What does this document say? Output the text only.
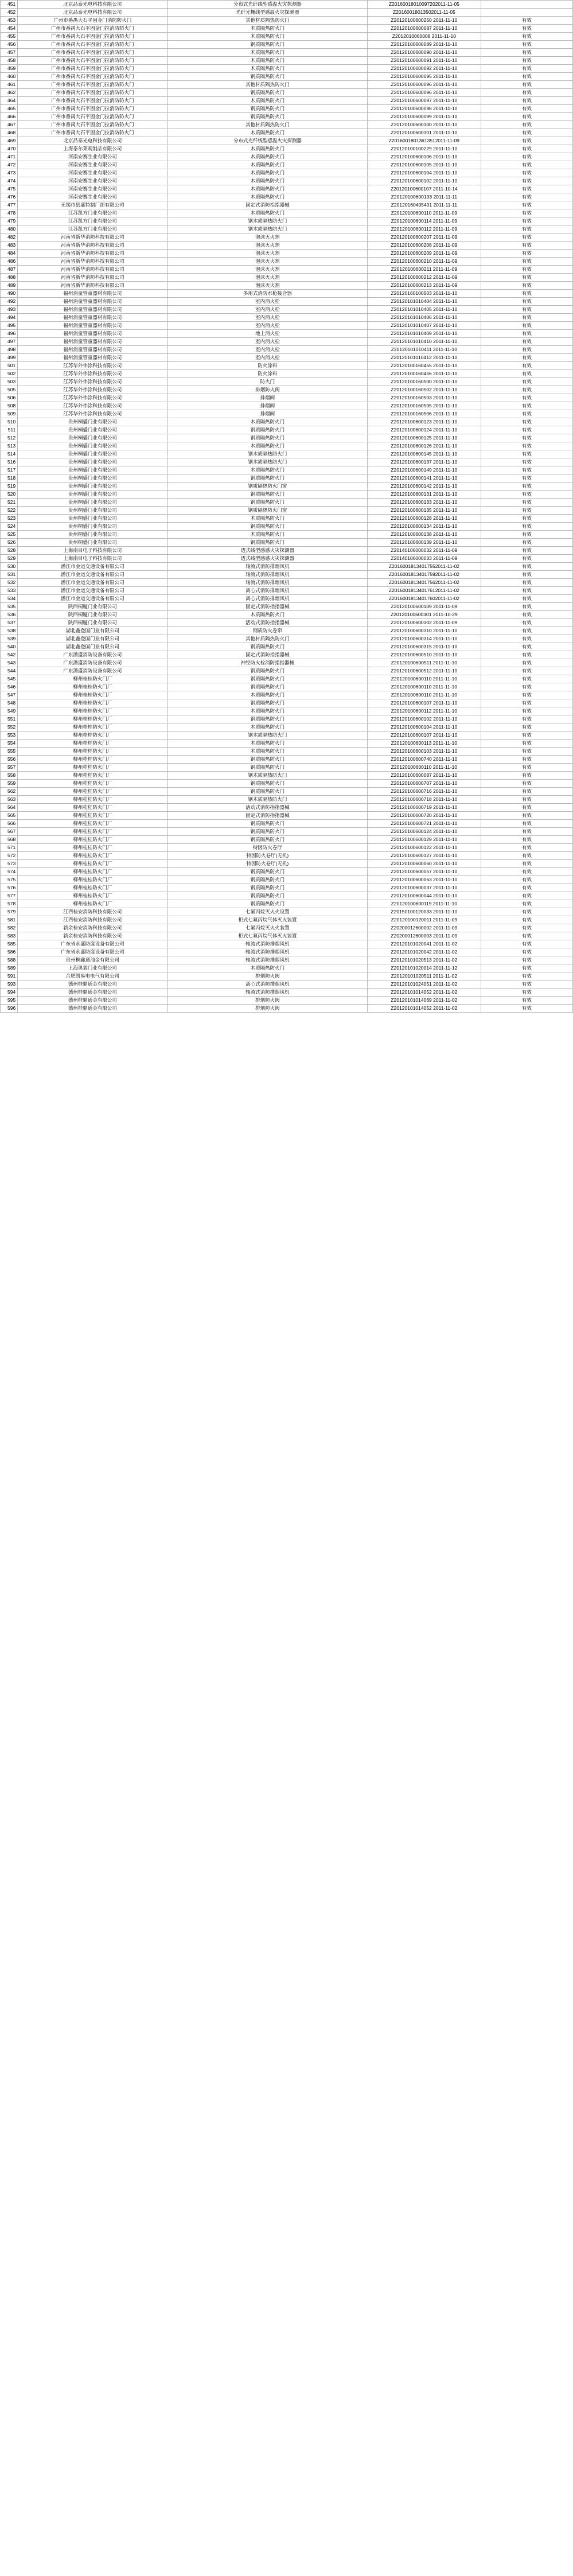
451	北京品泰光电科技有限公司	分布式光纤线型感温火灾探测器	Z20160018010097202011-11-05	
452	北京品泰光电科技有限公司	光纤光栅线型感温火灾探测器	Z20160018013502011-11-05	
453	广州市番禺大石平固金门消防防火门	其他材质隔热防火门	Z20120100600250 2011-11-10	有效
454	广州市番禺大石平固金门拉消防防火门	木质隔热防火门	Z20120100600087 2011-11-10	有效
455	广州市番禺大石平固金门拉消防防火门	木质隔热防火门	Z2012010060008 2011-11-10	有效
456	广州市番禺大石平固金门拉消防防火门	钢质隔热防火门	Z20120100600089 2011-11-10	有效
457	广州市番禺大石平固金门拉消防防火门	木质隔热防火门	Z20120100600090 2011-11-10	有效
458	广州市番禺大石平固金门拉消防防火门	木质隔热防火门	Z20120100600091 2011-11-10	有效
459	广州市番禺大石平固金门拉消防防火门	木质隔热防火门	Z20120100600092 2011-11-10	有效
460	广州市番禺大石平固金门拉消防防火门	钢质隔热防火门	Z20120100600095 2011-11-10	有效
461	广州市番禺大石平固金门拉消防防火门	其他材质隔热防火门	Z20120100600096 2011-11-10	有效
462	广州市番禺大石平固金门拉消防防火门	钢质隔热防火门	Z20120100600096 2011-11-10	有效
464	广州市番禺大石平固金门拉消防防火门	木质隔热防火门	Z20120100600097 2011-11-10	有效
465	广州市番禺大石平固金门拉消防防火门	钢质隔热防火门	Z20120100600098 2011-11-10	有效
466	广州市番禺大石平固金门拉消防防火门	钢质隔热防火门	Z20120100600099 2011-11-10	有效
467	广州市番禺大石平固金门拉消防防火门	其他材质隔热防火门	Z20120100600100 2011-11-10	有效
468	广州市番禺大石平固金门拉消防防火门	木质隔热防火门	Z20120100600101 2011-11-10	有效
469	北京品泰光电科技有限公司	分布式光纤线型感温火灾探测器	Z20160018013613512011-11-09	有效
470	上海泰尔莱观制品有限公司	木质隔热防火门	Z20120100100229 2011-11-10	有效
471	河南安赛生业有限公司	木质隔热防火门	Z20120100600106 2011-11-10	有效
472	河南安赛生业有限公司	木质隔热防火门	Z20120100600105 2011-11-10	有效
473	河南安赛生业有限公司	木质隔热防火门	Z20120100600104 2011-11-10	有效
474	河南安赛生业有限公司	木质隔热防火门	Z20120100600102 2011-11-10	有效
475	河南安赛生业有限公司	木质隔热防火门	Z20120100600107 2011-10-14	有效
476	河南安赛生业有限公司	木质隔热防火门	Z20120100600103 2011-11-11	有效
477	无锡市县盛特制厂部有限公司	固定式消防指指器械	Z20120160405401 2011-11-11	有效
478	江苏凯方门业有限公司	木质隔热防火门	Z20120100600110 2011-11-09	有效
479	江苏凯方门业有限公司	钢木质隔热防火门	Z20120100600114 2011-11-09	有效
480	江苏凯方门业有限公司	钢木质隔热防火门	Z20120100600112 2011-11-09	有效
482	河南省新华消防科技有限公司	泡沫灭火剂	Z20120100600207 2011-11-09	有效
483	河南省新华消防科技有限公司	泡沫灭火剂	Z20120100600208 2011-11-09	有效
484	河南省新华消防科技有限公司	泡沫灭火剂	Z20120100600209 2011-11-09	有效
486	河南省新华消防科技有限公司	泡沫灭火剂	Z20120100600210 2011-11-09	有效
487	河南省新华消防科技有限公司	泡沫灭火剂	Z20120100600211 2011-11-09	有效
488	河南省新华消防科技有限公司	泡沫灭火剂	Z20120100600212 2011-11-09	有效
489	河南省新华消防科技有限公司	泡沫灭火剂	Z20120100600213 2011-11-09	有效
490	福州消童管童器材有限公司	多用式消防水枪接合器	Z20120160100503 2011-11-10	有效
492	福州消童管童器材有限公司	室内消火栓	Z20120101010404 2011-11-10	有效
493	福州消童管童器材有限公司	室内消火栓	Z20120101010405 2011-11-10	有效
494	福州消童管童器材有限公司	室内消火栓	Z20120101010406 2011-11-10	有效
495	福州消童管童器材有限公司	室内消火栓	Z20120101010407 2011-11-10	有效
496	福州消童管童器材有限公司	地上消火栓	Z20120101010409 2011-11-10	有效
497	福州消童管童器材有限公司	室内消火栓	Z20120101010410 2011-11-10	有效
498	福州消童管童器材有限公司	室内消火栓	Z20120101010411 2011-11-10	有效
499	福州消童管童器材有限公司	室内消火栓	Z20120101010412 2011-11-10	有效
501	江苏华外伟涂科技有限公司	防火涂料	Z20120100160455 2011-11-10	有效
502	江苏华外伟涂科技有限公司	防火涂料	Z20120100160456 2011-11-10	有效
503	江苏华外伟涂科技有限公司	防火门	Z20120100160500 2011-11-10	有效
505	江苏华外伟涂科技有限公司	排烟防火阀	Z20120100160502 2011-11-10	有效
506	江苏华外伟涂科技有限公司	排烟阀	Z20120100160503 2011-11-10	有效
508	江苏华外伟涂科技有限公司	排烟阀	Z20120100160505 2011-11-10	有效
509	江苏华外伟涂科技有限公司	排烟阀	Z20120100160506 2011-11-10	有效
510	贵州桐盛门业有限公司	木质隔热防火门	Z20120100600123 2011-11-10	有效
511	贵州桐盛门业有限公司	钢质隔热防火门	Z20120100600124 2011-11-10	有效
512	贵州桐盛门业有限公司	钢质隔热防火门	Z20120100600125 2011-11-10	有效
513	贵州桐盛门业有限公司	木质隔热防火门	Z20120100600126 2011-11-10	有效
514	贵州桐盛门业有限公司	钢木质隔热防火门	Z20120100600145 2011-11-10	有效
516	贵州桐盛门业有限公司	钢木质隔热防火门	Z20120100600137 2011-11-10	有效
517	贵州桐盛门业有限公司	木质隔热防火门	Z20120100600149 2011-11-10	有效
518	贵州桐盛门业有限公司	钢质隔热防火门	Z20120100600141 2011-11-10	有效
519	贵州桐盛门业有限公司	钢质隔热防火门窗	Z20120100600142 2011-11-10	有效
520	贵州桐盛门业有限公司	钢质隔热防火门	Z20120100600131 2011-11-10	有效
521	贵州桐盛门业有限公司	钢质隔热防火门	Z20120100600133 2011-11-10	有效
522	贵州桐盛门业有限公司	钢质隔热防火门窗	Z20120100600135 2011-11-10	有效
523	贵州桐盛门业有限公司	木质隔热防火门	Z20120100600128 2011-11-10	有效
524	贵州桐盛门业有限公司	钢质隔热防火门	Z20120100600134 2011-11-10	有效
525	贵州桐盛门业有限公司	木质隔热防火门	Z20120100600138 2011-11-10	有效
526	贵州桐盛门业有限公司	钢质隔热防火门	Z20120100600139 2011-11-10	有效
528	上海南目电子科技有限公司	透式线型感感火灾探测器	Z20140106000032 2011-11-09	有效
529	上海南目电子科技有限公司	透式线型感感火灾探测器	Z20140106000033 2011-11-09	有效
530	潘江市金运交通设备有限公司	轴流式消防排烟风机	Z20160018134017552011-11-02	有效
531	潘江市金运交通设备有限公司	轴流式消防排烟风机	Z20160018134017592011-11-02	有效
532	潘江市金运交通设备有限公司	轴流式消防排烟风机	Z20160018134017562011-11-02	有效
533	潘江市金运交通设备有限公司	离心式消防排烟风机	Z20160018134017612011-11-02	有效
534	潘江市金运交通设备有限公司	离心式消防排烟风机	Z20160018134017602011-11-02	有效
535	陕西桐厦门业有限公司	固定式消防指指器械	Z20120100600109 2011-11-09	有效
536	陕西桐厦门业有限公司	木质隔热防火门	Z20120100600301 2011-10-29	有效
537	陕西桐厦门业有限公司	活动式消防指指器械	Z20120100600302 2011-11-09	有效
538	湖北鑫登国门业有限公司	钢质防火卷帘	Z20120100600310 2011-11-10	有效
539	湖北鑫登国门业有限公司	其他材质隔热防火门	Z20120100600314 2011-11-10	有效
540	湖北鑫登国门业有限公司	钢质隔热防火门	Z20120100600315 2011-11-10	有效
542	广东潘盛消防设备有限公司	固定式消防指指器械	Z20120100600510 2011-11-10	有效
543	广东潘盛消防设备有限公司	神经防火栓消防指指器械	Z20120100600511 2011-11-10	有效
544	广东潘盛消防设备有限公司	钢质隔热防火门	Z20120100600512 2011-11-10	有效
545	柳州桂桂防火门厂	钢质隔热防火门	Z20120100600110 2011-11-10	有效
546	柳州桂桂防火门厂	钢质隔热防火门	Z20120100600110 2011-11-10	有效
547	柳州桂桂防火门厂	木质隔热防火门	Z20120100600110 2011-11-10	有效
548	柳州桂桂防火门厂	钢质隔热防火门	Z20120100600107 2011-11-10	有效
549	柳州桂桂防火门厂	木质隔热防火门	Z20120100600112 2011-11-10	有效
551	柳州桂桂防火门厂	钢质隔热防火门	Z20120100600102 2011-11-10	有效
552	柳州桂桂防火门厂	木质隔热防火门	Z20120100600104 2011-11-10	有效
553	柳州桂桂防火门厂	钢木质隔热防火门	Z20120100600107 2011-11-10	有效
554	柳州桂桂防火门厂	木质隔热防火门	Z20120100600113 2011-11-10	有效
555	柳州桂桂防火门厂	木质隔热防火门	Z20120100600103 2011-11-10	有效
556	柳州桂桂防火门厂	钢质隔热防火门	Z20120100600740 2011-11-10	有效
557	柳州桂桂防火门厂	钢质隔热防火门	Z20120100600110 2011-11-10	有效
558	柳州桂桂防火门厂	钢木质隔热防火门	Z20120100600087 2011-11-10	有效
559	柳州桂桂防火门厂	钢质隔热防火门	Z20120100600707 2011-11-10	有效
562	柳州桂桂防火门厂	钢质隔热防火门	Z20120100600716 2011-11-10	有效
563	柳州桂桂防火门厂	钢木质隔热防火门	Z20120100600718 2011-11-10	有效
564	柳州桂桂防火门厂	活动式消防指指器械	Z20120100600719 2011-11-10	有效
565	柳州桂桂防火门厂	固定式消防指指器械	Z20120100600720 2011-11-10	有效
566	柳州桂桂防火门厂	钢质隔热防火门	Z20120100600721 2011-11-10	有效
567	柳州桂桂防火门厂	钢质隔热防火门	Z20120100600124 2011-11-10	有效
568	柳州桂桂防火门厂	钢质隔热防火门	Z20120100600129 2011-11-10	有效
571	柳州桂桂防火门厂	特因防火卷厅	Z20120100600122 2011-11-10	有效
572	柳州桂桂防火门厂	特因防火卷厅(无机)	Z20120100600127 2011-11-10	有效
573	柳州桂桂防火门厂	特因防火卷厅(无机)	Z20120100600060 2011-11-10	有效
574	柳州桂桂防火门厂	钢质隔热防火门	Z20120100600057 2011-11-10	有效
575	柳州桂桂防火门厂	钢质隔热防火门	Z20120100600063 2011-11-10	有效
576	柳州桂桂防火门厂	钢质隔热防火门	Z20120100600037 2011-11-10	有效
577	柳州桂桂防火门厂	钢质隔热防火门	Z20120100600044 2011-11-10	有效
578	柳州桂桂防火门厂	钢质隔热防火门	Z20120100600119 2011-11-10	有效
579	江西桂安消防科技有限公司	七氟丙烷灭火火设置	Z20150100120033 2011-11-10	有效
581	江西桂安消防科技有限公司	柜式七氟丙烷气体灭火装置	Z20120100120011 2011-11-09	有效
582	新余桂安消防科技有限公司	七氟丙烷灭火火装置	Z20200012600002 2011-11-09	有效
583	新余桂安消防科技有限公司	柜式七氟丙烷气体灭火装置	Z20200012600003 2011-11-09	有效
585	广东省永盛防盗设备有限公司	轴流式消防排烟风机	Z20120101020041 2011-11-02	有效
586	广东省永盛防盗设备有限公司	轴流式消防排烟风机	Z20120101020042 2011-11-02	有效
588	贵州桐鑫通油金有限公司	轴流式消防排烟风机	Z20120101020513 2011-11-02	有效
589	上海奥装门业有限公司	木质隔热防火门	Z20120101020014 2011-11-12	有效
591	合肥凯易电电气有限公司	排烟防火阀	Z20120101020511 2011-11-02	有效
593	德州桂鼎通金有限公司	离心式消防排烟风机	Z20120101024051 2011-11-02	有效
594	德州桂鼎通金有限公司	轴流式消防排烟风机	Z20120101014052 2011-11-02	有效
595	德州桂鼎通金有限公司	排烟防火阀	Z20120101014069 2011-11-02	有效
596	德州桂鼎通金有限公司	排烟防火阀	Z20120101014052 2011-11-02	有效
